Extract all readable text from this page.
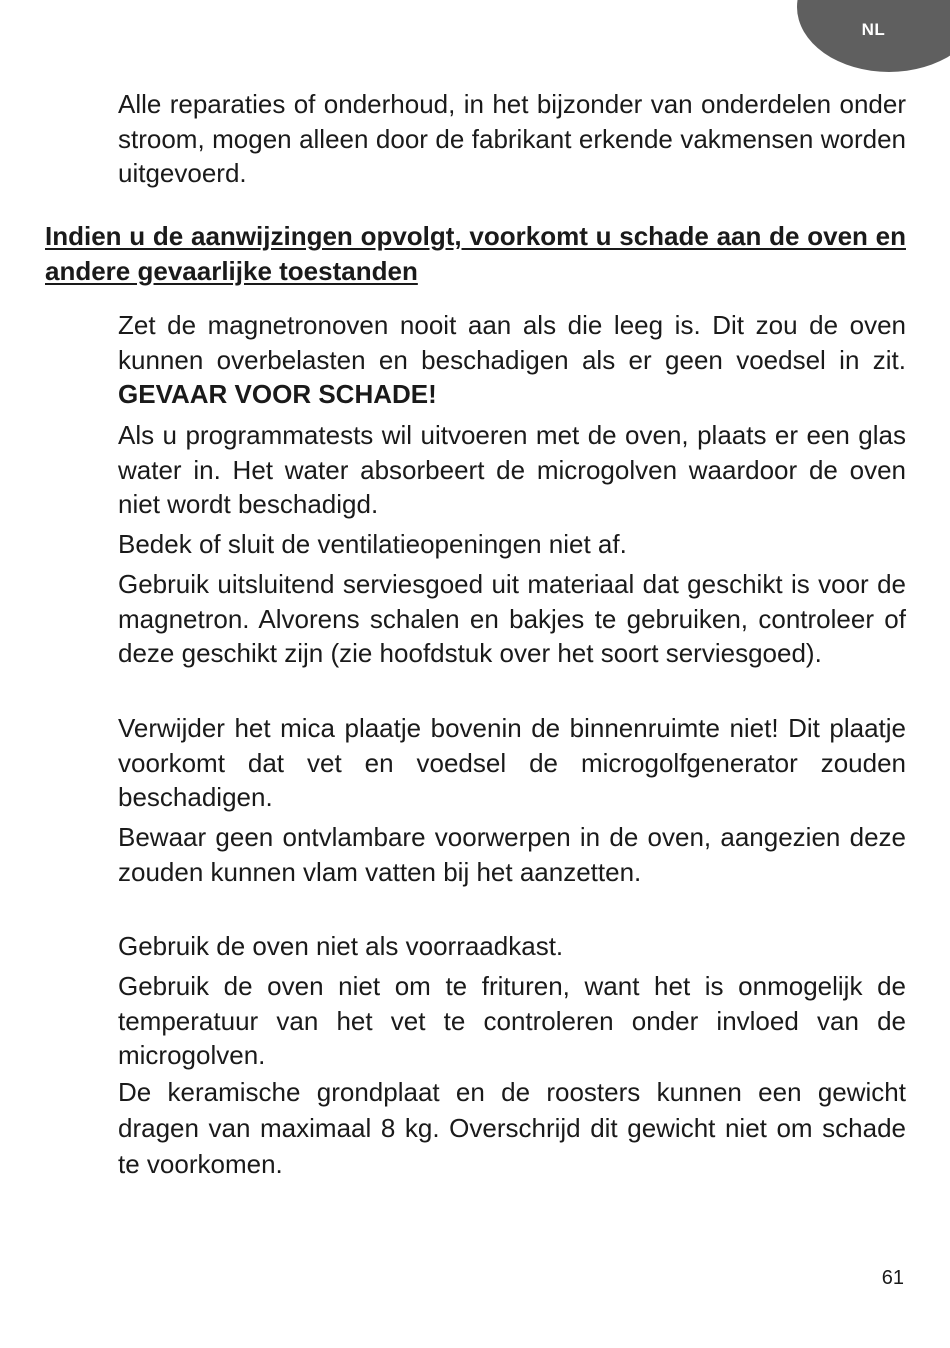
NL

Alle reparaties of onderhoud, in het bijzonder van onderdelen onder stroom, mogen alleen door de fabrikant erkende vakmensen worden uitgevoerd.

Indien u de aanwijzingen opvolgt, voorkomt u schade aan de oven en andere gevaarlijke toestanden

Zet de magnetronoven nooit aan als die leeg is. Dit zou de oven kunnen overbelasten en beschadigen als er geen voedsel in zit. GEVAAR VOOR SCHADE!

Als u programmatests wil uitvoeren met de oven, plaats er een glas water in. Het water absorbeert de microgolven waardoor de oven niet wordt beschadigd.

Bedek of sluit de ventilatieopeningen niet af.

Gebruik uitsluitend serviesgoed uit materiaal dat geschikt is voor de magnetron. Alvorens schalen en bakjes te gebruiken, controleer of deze geschikt zijn (zie hoofdstuk over het soort serviesgoed).

Verwijder het mica plaatje bovenin de binnenruimte niet! Dit plaatje voorkomt dat vet en voedsel de microgolfgenerator zouden beschadigen.

Bewaar geen ontvlambare voorwerpen in de oven, aangezien deze zouden kunnen vlam vatten bij het aanzetten.

Gebruik de oven niet als voorraadkast.

Gebruik de oven niet om te frituren, want het is onmogelijk de temperatuur van het vet te controleren onder invloed van de microgolven.

De keramische grondplaat en de roosters kunnen een gewicht dragen van maximaal 8 kg. Overschrijd dit gewicht niet om schade te voorkomen.

61
